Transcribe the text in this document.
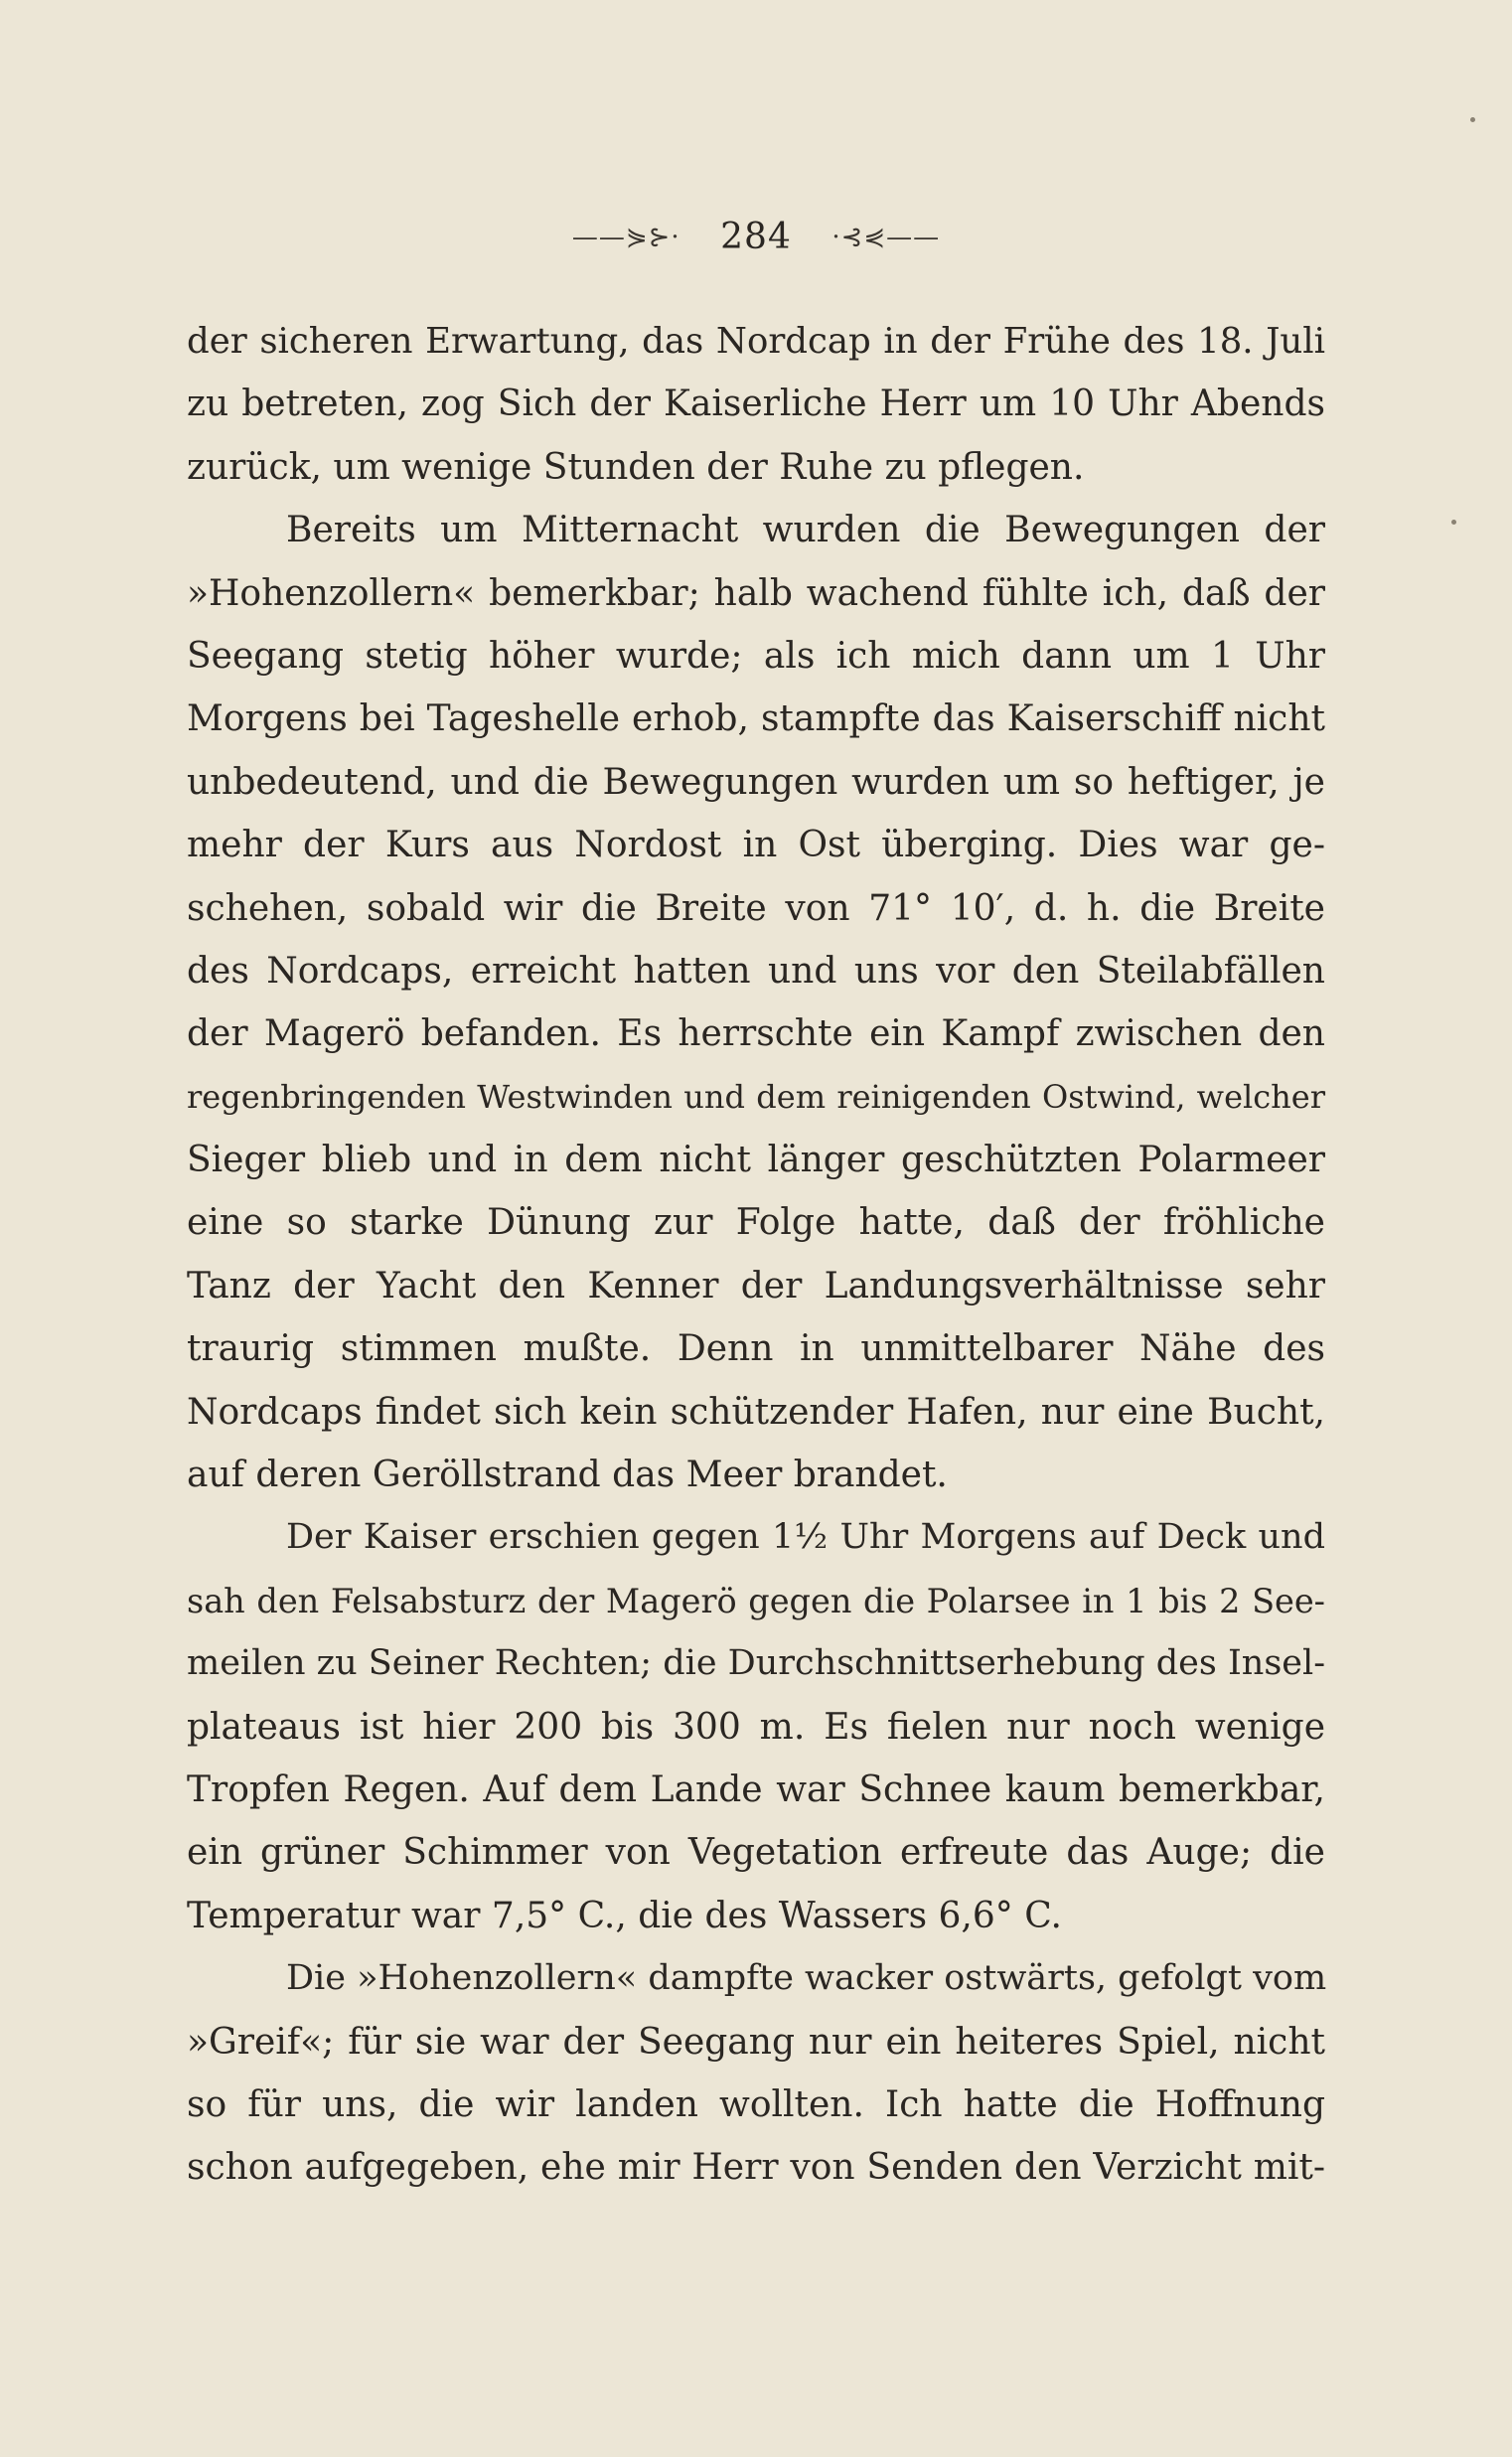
——⋟⊱· 284 ·⊰⋞——
der sicheren Erwartung, das Nordcap in der Frühe des 18. Juli
zu betreten, zog Sich der Kaiserliche Herr um 10 Uhr Abends
zurück, um wenige Stunden der Ruhe zu pflegen.
Bereits um Mitternacht wurden die Bewegungen der
»Hohenzollern« bemerkbar; halb wachend fühlte ich, daß der
Seegang stetig höher wurde; als ich mich dann um 1 Uhr
Morgens bei Tageshelle erhob, stampfte das Kaiserschiff nicht
unbedeutend, und die Bewegungen wurden um so heftiger, je
mehr der Kurs aus Nordost in Ost überging. Dies war ge-
schehen, sobald wir die Breite von 71° 10′, d. h. die Breite
des Nordcaps, erreicht hatten und uns vor den Steilabfällen
der Magerö befanden. Es herrschte ein Kampf zwischen den
regenbringenden Westwinden und dem reinigenden Ostwind, welcher
Sieger blieb und in dem nicht länger geschützten Polarmeer
eine so starke Dünung zur Folge hatte, daß der fröhliche
Tanz der Yacht den Kenner der Landungsverhältnisse sehr
traurig stimmen mußte. Denn in unmittelbarer Nähe des
Nordcaps findet sich kein schützender Hafen, nur eine Bucht,
auf deren Geröllstrand das Meer brandet.
Der Kaiser erschien gegen 1½ Uhr Morgens auf Deck und
sah den Felsabsturz der Magerö gegen die Polarsee in 1 bis 2 See-
meilen zu Seiner Rechten; die Durchschnittserhebung des Insel-
plateaus ist hier 200 bis 300 m. Es fielen nur noch wenige
Tropfen Regen. Auf dem Lande war Schnee kaum bemerkbar,
ein grüner Schimmer von Vegetation erfreute das Auge; die
Temperatur war 7,5° C., die des Wassers 6,6° C.
Die »Hohenzollern« dampfte wacker ostwärts, gefolgt vom
»Greif«; für sie war der Seegang nur ein heiteres Spiel, nicht
so für uns, die wir landen wollten. Ich hatte die Hoffnung
schon aufgegeben, ehe mir Herr von Senden den Verzicht mit-
